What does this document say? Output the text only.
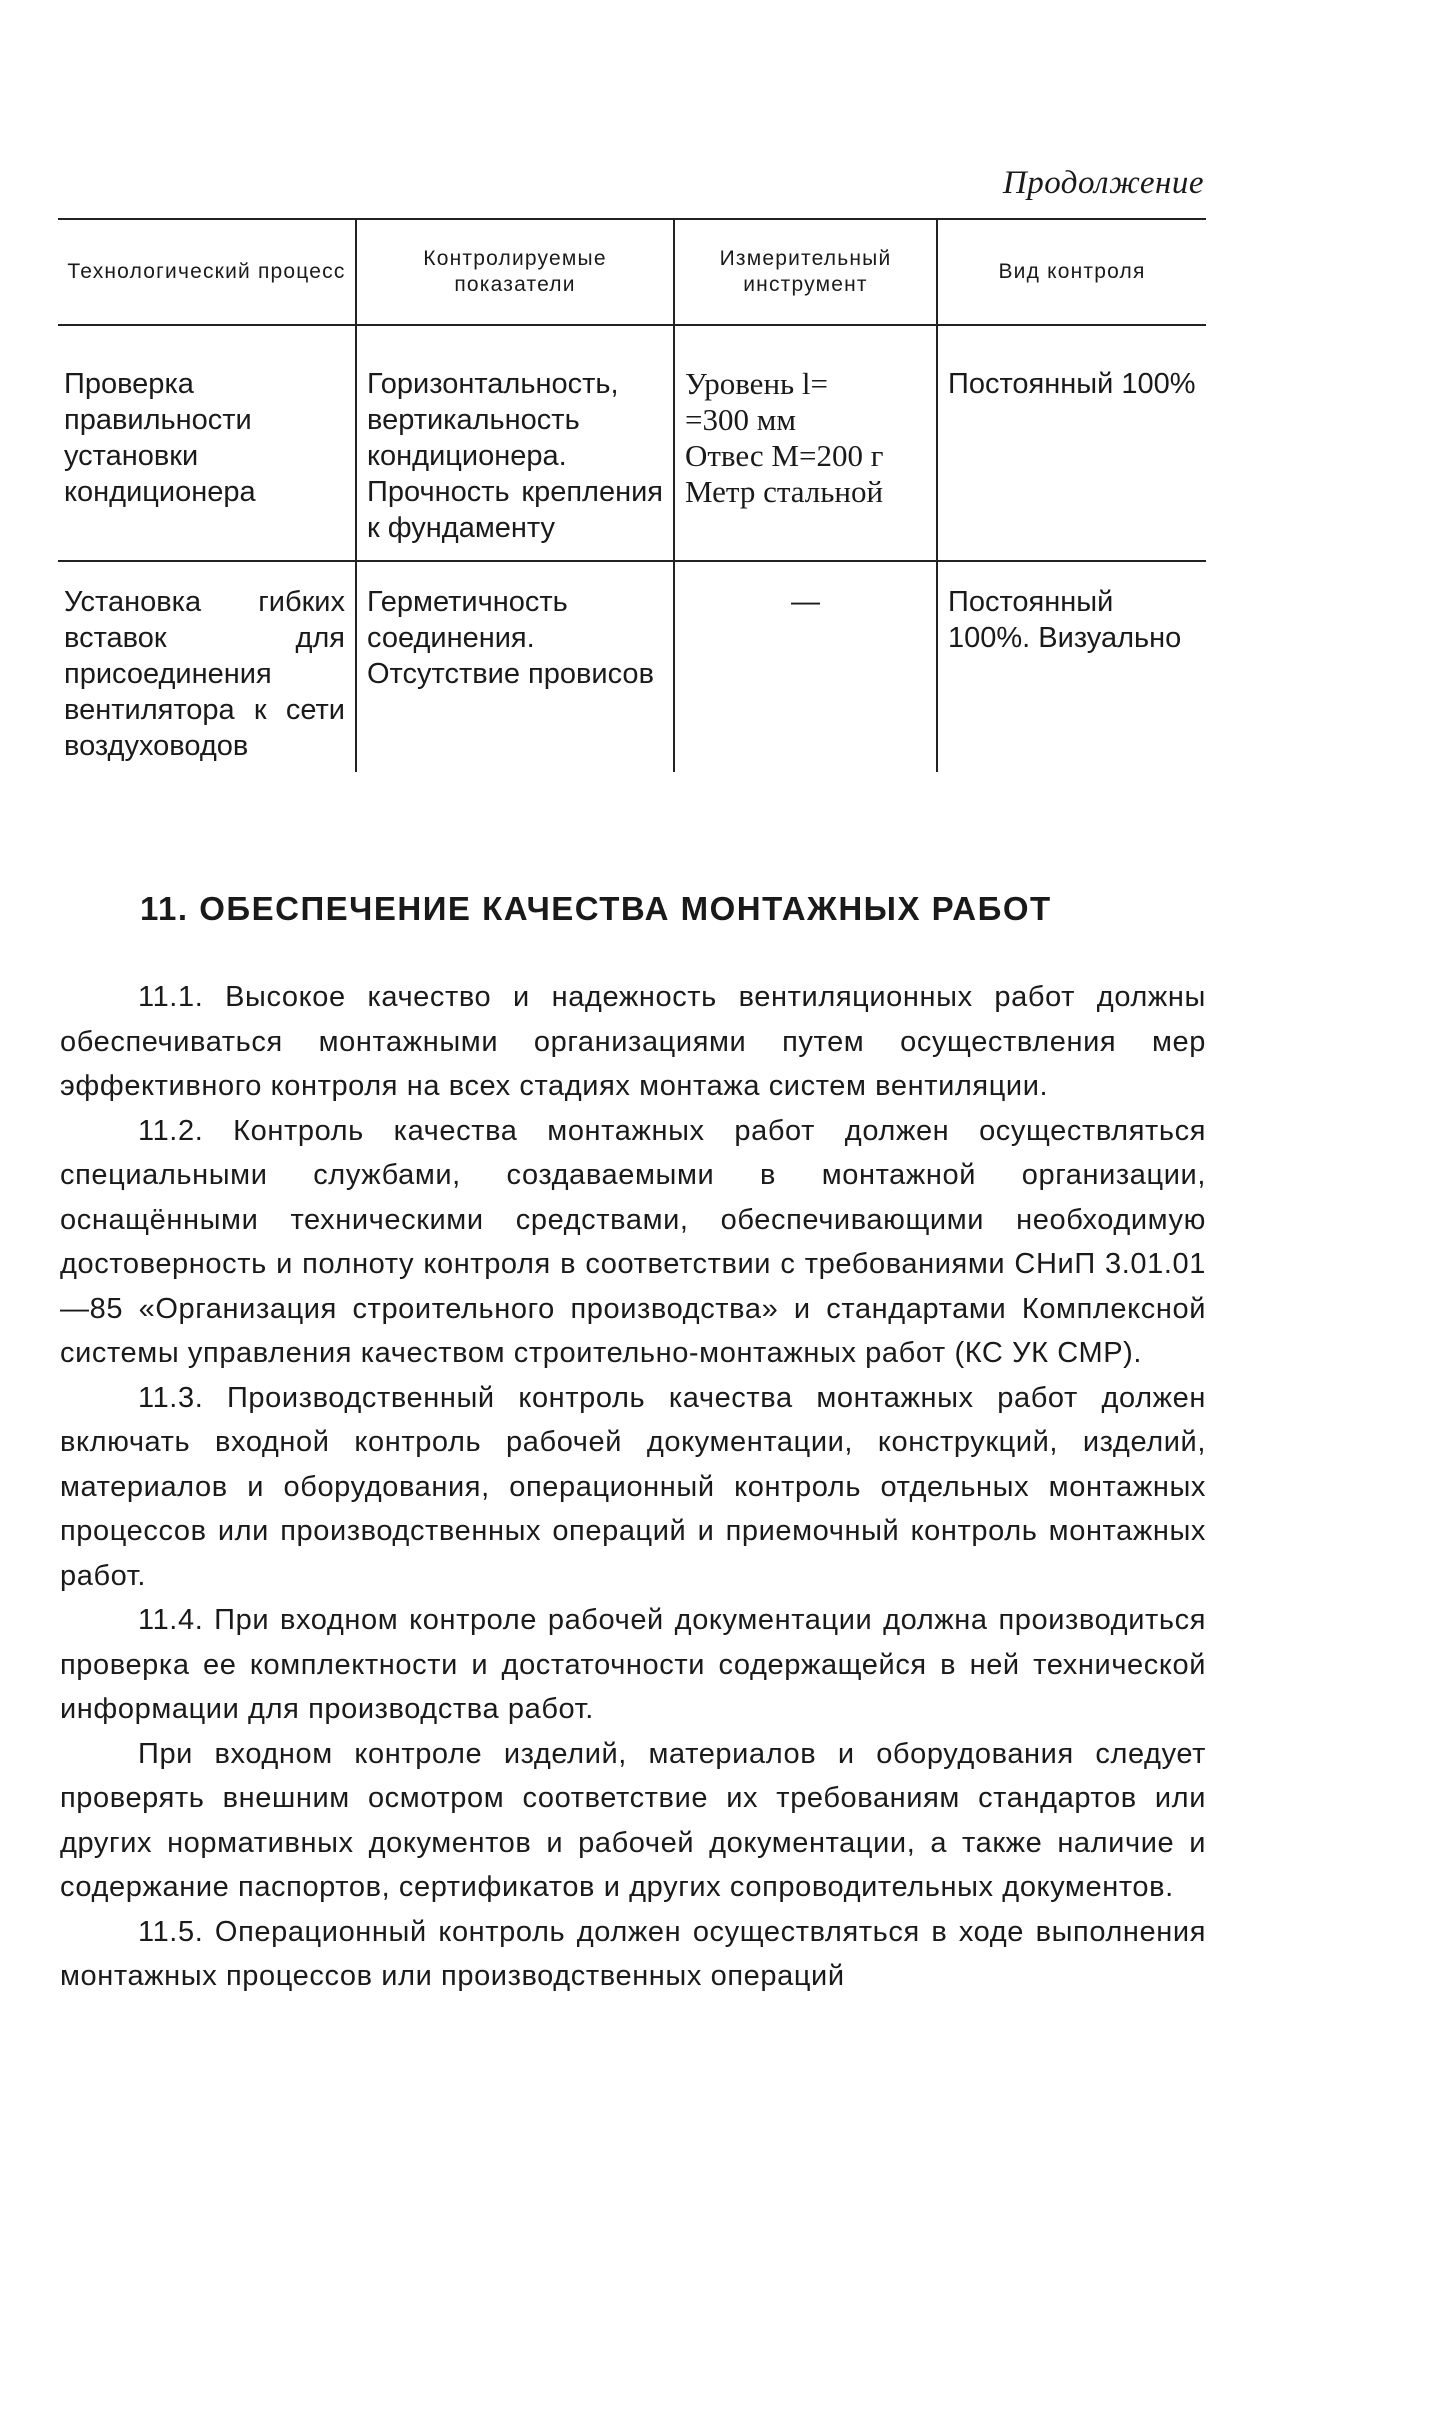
Продолжение
Технологический процесс	Контролируемые показатели	Измерительный инструмент	Вид контроля
Проверка правильности установки кондиционера	Горизонтальность, вертикальность кондиционера. Прочность крепления к фундаменту	Уровень l=
=300 мм
Отвес М=200 г
Метр стальной	Постоянный 100%
Установка гибких вставок для присоединения вентилятора к сети воздуховодов	Герметичность соединения. Отсутствие провисов	—	Постоянный 100%. Визуально
11. ОБЕСПЕЧЕНИЕ КАЧЕСТВА МОНТАЖНЫХ РАБОТ

11.1. Высокое качество и надежность вентиляционных работ должны обеспечиваться монтажными организациями путем осуществления мер эффективного контроля на всех стадиях монтажа систем вентиляции.

11.2. Контроль качества монтажных работ должен осуществляться специальными службами, создаваемыми в монтажной организации, оснащёнными техническими средствами, обеспечивающими необходимую достоверность и полноту контроля в соответствии с требованиями СНиП 3.01.01—85 «Организация строительного производства» и стандартами Комплексной системы управления качеством строительно-монтажных работ (КС УК СМР).

11.3. Производственный контроль качества монтажных работ должен включать входной контроль рабочей документации, конструкций, изделий, материалов и оборудования, операционный контроль отдельных монтажных процессов или производственных операций и приемочный контроль монтажных работ.

11.4. При входном контроле рабочей документации должна производиться проверка ее комплектности и достаточности содержащейся в ней технической информации для производства работ.

При входном контроле изделий, материалов и оборудования следует проверять внешним осмотром соответствие их требованиям стандартов или других нормативных документов и рабочей документации, а также наличие и содержание паспортов, сертификатов и других сопроводительных документов.

11.5. Операционный контроль должен осуществляться в ходе выполнения монтажных процессов или производственных операций
